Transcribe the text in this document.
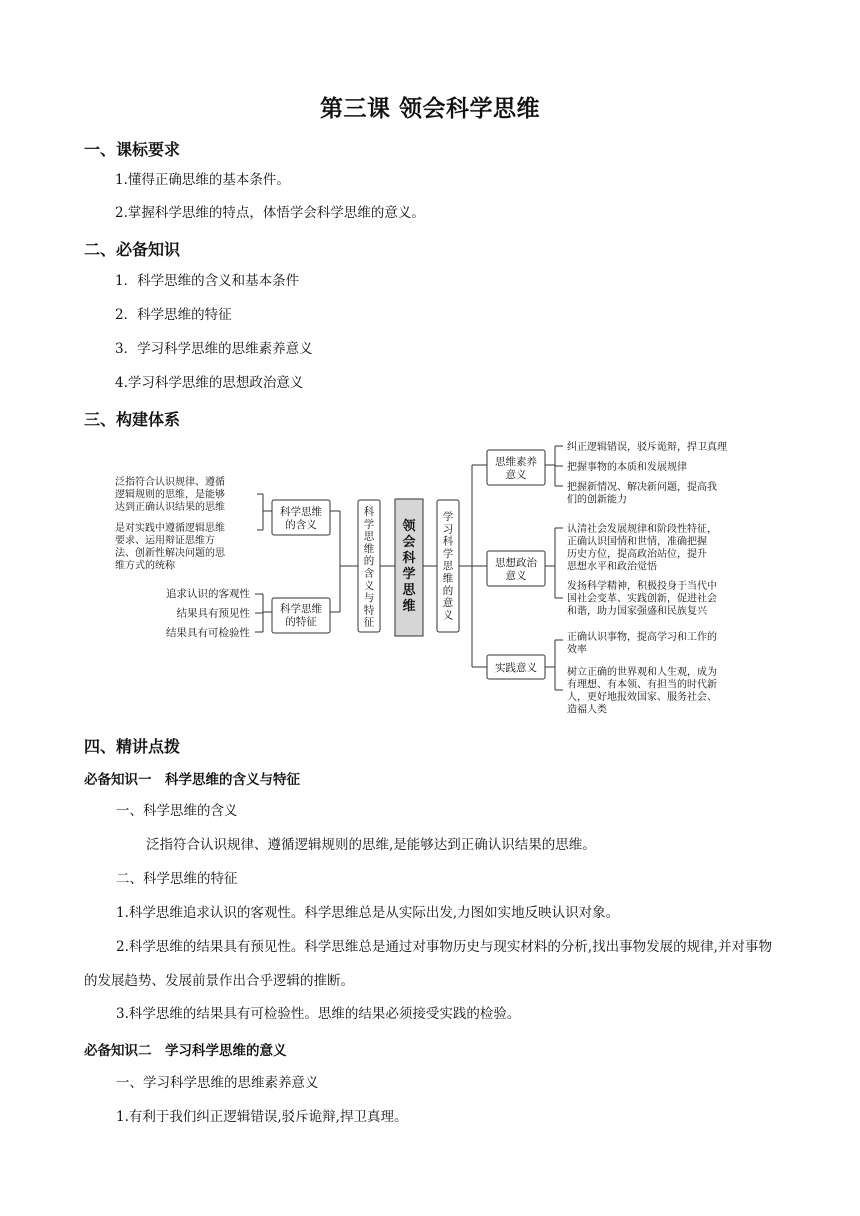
第三课 领会科学思维
一、课标要求
1.懂得正确思维的基本条件。
2.掌握科学思维的特点，体悟学会科学思维的意义。
二、必备知识
1．科学思维的含义和基本条件
2．科学思维的特征
3．学习科学思维的思维素养意义
4.学习科学思维的思想政治意义
三、构建体系
领
会
科
学
思
维
科
学
思
维
的
含
义
与
特
征
学
习
科
学
思
维
的
意
义
科学思维
的含义
科学思维
的特征
思维素养
意义
思想政治
意义
实践意义
泛指符合认识规律、遵循
逻辑规则的思维，是能够
达到正确认识结果的思维
是对实践中遵循逻辑思维
要求、运用辩证思维方
法、创新性解决问题的思
维方式的统称
追求认识的客观性
结果具有预见性
结果具有可检验性
纠正逻辑错误，驳斥诡辩，捍卫真理
把握事物的本质和发展规律
把握新情况、解决新问题，提高我
们的创新能力
认清社会发展规律和阶段性特征，
正确认识国情和世情，准确把握
历史方位，提高政治站位，提升
思想水平和政治觉悟
发扬科学精神，积极投身于当代中
国社会变革、实践创新，促进社会
和谐，助力国家强盛和民族复兴
正确认识事物，提高学习和工作的
效率
树立正确的世界观和人生观，成为
有理想、有本领、有担当的时代新
人，更好地报效国家、服务社会、
造福人类
四、精讲点拨
必备知识一　科学思维的含义与特征
一、科学思维的含义
泛指符合认识规律、遵循逻辑规则的思维,是能够达到正确认识结果的思维。
二、科学思维的特征
1.科学思维追求认识的客观性。科学思维总是从实际出发,力图如实地反映认识对象。
2.科学思维的结果具有预见性。科学思维总是通过对事物历史与现实材料的分析,找出事物发展的规律,并对事物的发展趋势、发展前景作出合乎逻辑的推断。
3.科学思维的结果具有可检验性。思维的结果必须接受实践的检验。
必备知识二　学习科学思维的意义
一、学习科学思维的思维素养意义
1.有利于我们纠正逻辑错误,驳斥诡辩,捍卫真理。
